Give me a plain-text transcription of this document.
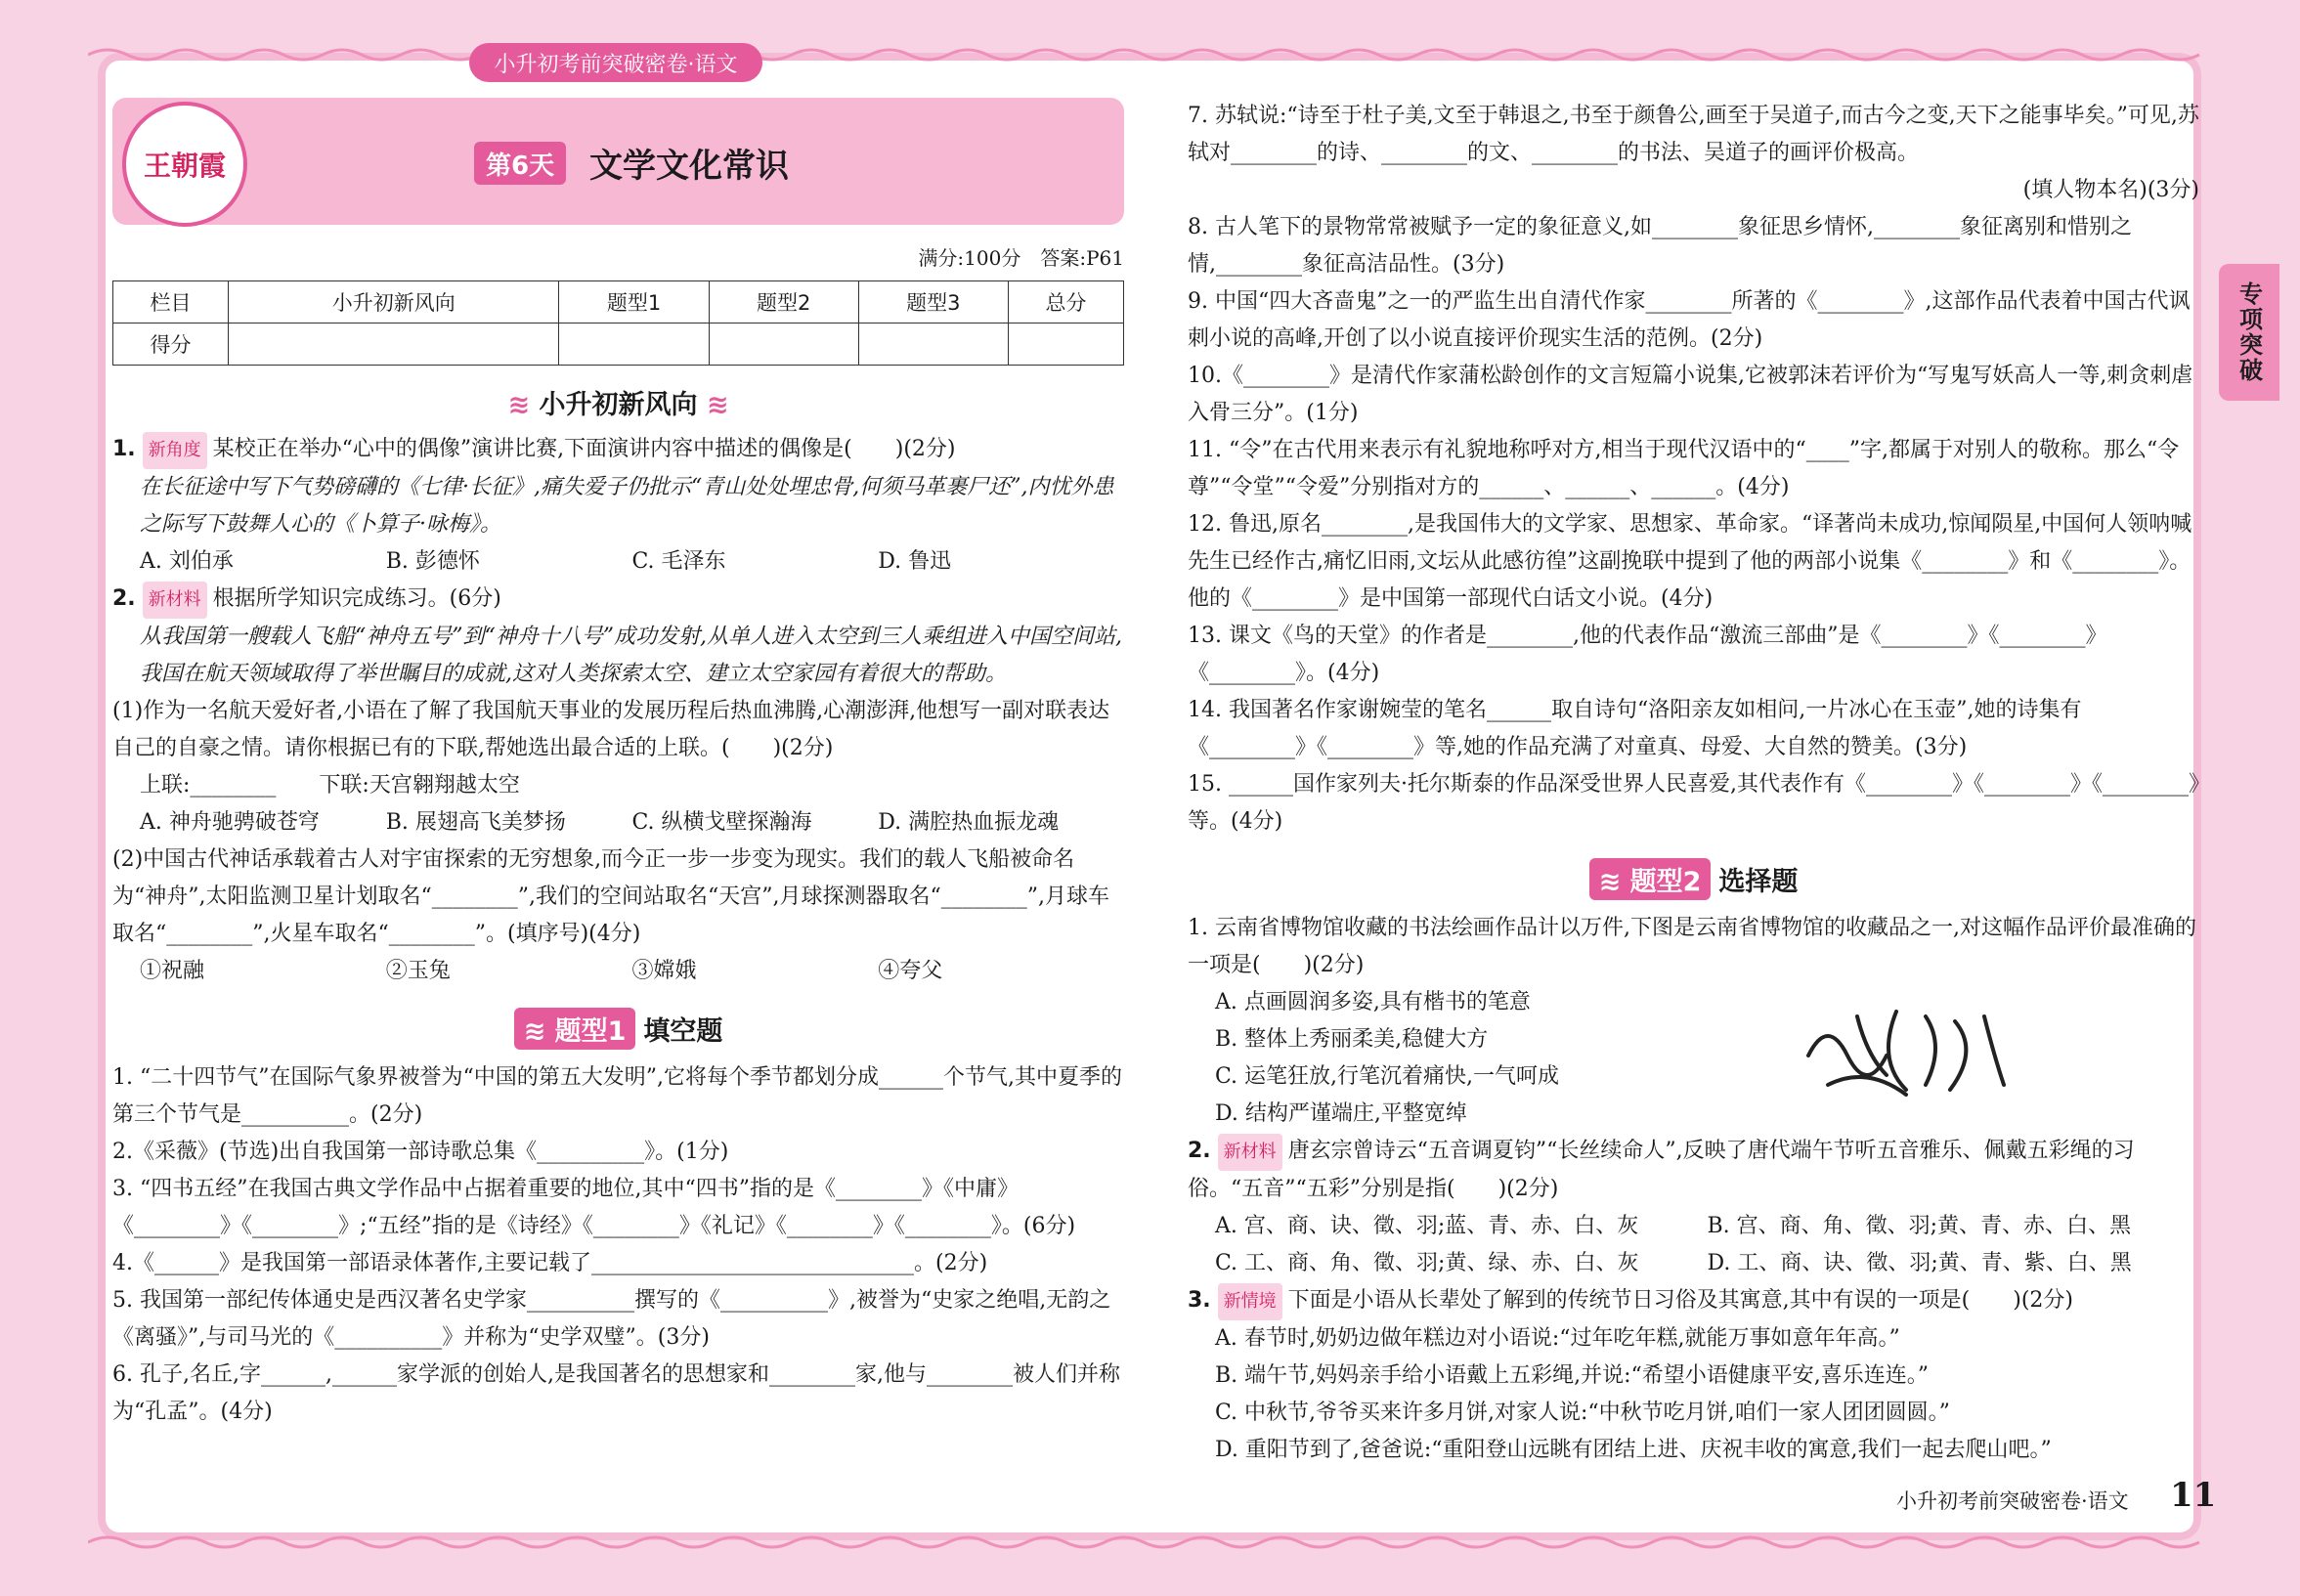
小升初考前突破密卷·语文
专项突破
王朝霞	第6天	文学文化常识
满分:100分　答案:P61
栏目	小升初新风向	题型1	题型2	题型3	总分
得分					
≋ 小升初新风向 ≋

1. 新角度 某校正在举办“心中的偶像”演讲比赛,下面演讲内容中描述的偶像是(　　)(2分)

在长征途中写下气势磅礴的《七律·长征》,痛失爱子仍批示“青山处处埋忠骨,何须马革裹尸还”,内忧外患之际写下鼓舞人心的《卜算子·咏梅》。

A. 刘伯承	B. 彭德怀	C. 毛泽东	D. 鲁迅

2. 新材料 根据所学知识完成练习。(6分)

从我国第一艘载人飞船“神舟五号”到“神舟十八号”成功发射,从单人进入太空到三人乘组进入中国空间站,我国在航天领域取得了举世瞩目的成就,这对人类探索太空、建立太空家园有着很大的帮助。

(1)作为一名航天爱好者,小语在了解了我国航天事业的发展历程后热血沸腾,心潮澎湃,他想写一副对联表达自己的自豪之情。请你根据已有的下联,帮她选出最合适的上联。(　　)(2分)

上联:________　　下联:天宫翱翔越太空

A. 神舟驰骋破苍穹	B. 展翅高飞美梦扬	C. 纵横戈壁探瀚海	D. 满腔热血振龙魂

(2)中国古代神话承载着古人对宇宙探索的无穷想象,而今正一步一步变为现实。我们的载人飞船被命名为“神舟”,太阳监测卫星计划取名“________”,我们的空间站取名“天宫”,月球探测器取名“________”,月球车取名“________”,火星车取名“________”。(填序号)(4分)

①祝融	②玉兔	③嫦娥	④夸父
≋ 题型1 填空题

1. “二十四节气”在国际气象界被誉为“中国的第五大发明”,它将每个季节都划分成______个节气,其中夏季的第三个节气是__________。(2分)

2.《采薇》(节选)出自我国第一部诗歌总集《__________》。(1分)

3. “四书五经”在我国古典文学作品中占据着重要的地位,其中“四书”指的是《________》《中庸》《________》《________》;“五经”指的是《诗经》《________》《礼记》《________》《________》。(6分)

4.《______》是我国第一部语录体著作,主要记载了______________________________。(2分)

5. 我国第一部纪传体通史是西汉著名史学家__________撰写的《__________》,被誉为“史家之绝唱,无韵之《离骚》”,与司马光的《__________》并称为“史学双璧”。(3分)

6. 孔子,名丘,字______,______家学派的创始人,是我国著名的思想家和________家,他与________被人们并称为“孔孟”。(4分)

7. 苏轼说:“诗至于杜子美,文至于韩退之,书至于颜鲁公,画至于吴道子,而古今之变,天下之能事毕矣。”可见,苏轼对________的诗、________的文、________的书法、吴道子的画评价极高。

(填人物本名)(3分)

8. 古人笔下的景物常常被赋予一定的象征意义,如________象征思乡情怀,________象征离别和惜别之情,________象征高洁品性。(3分)

9. 中国“四大吝啬鬼”之一的严监生出自清代作家________所著的《________》,这部作品代表着中国古代讽刺小说的高峰,开创了以小说直接评价现实生活的范例。(2分)

10.《________》是清代作家蒲松龄创作的文言短篇小说集,它被郭沫若评价为“写鬼写妖高人一等,刺贪刺虐入骨三分”。(1分)

11. “令”在古代用来表示有礼貌地称呼对方,相当于现代汉语中的“____”字,都属于对别人的敬称。那么“令尊”“令堂”“令爱”分别指对方的______、______、______。(4分)

12. 鲁迅,原名________,是我国伟大的文学家、思想家、革命家。“译著尚未成功,惊闻陨星,中国何人领呐喊　先生已经作古,痛忆旧雨,文坛从此感彷徨”这副挽联中提到了他的两部小说集《________》和《________》。他的《________》是中国第一部现代白话文小说。(4分)

13. 课文《鸟的天堂》的作者是________,他的代表作品“激流三部曲”是《________》《________》《________》。(4分)

14. 我国著名作家谢婉莹的笔名______取自诗句“洛阳亲友如相问,一片冰心在玉壶”,她的诗集有《________》《________》等,她的作品充满了对童真、母爱、大自然的赞美。(3分)

15. ______国作家列夫·托尔斯泰的作品深受世界人民喜爱,其代表作有《________》《________》《________》等。(4分)

≋ 题型2 选择题

1. 云南省博物馆收藏的书法绘画作品计以万件,下图是云南省博物馆的收藏品之一,对这幅作品评价最准确的一项是(　　)(2分)

A. 点画圆润多姿,具有楷书的笔意

B. 整体上秀丽柔美,稳健大方

C. 运笔狂放,行笔沉着痛快,一气呵成

D. 结构严谨端庄,平整宽绰

2. 新材料 唐玄宗曾诗云“五音调夏钧”“长丝续命人”,反映了唐代端午节听五音雅乐、佩戴五彩绳的习俗。“五音”“五彩”分别是指(　　)(2分)

A. 宫、商、诀、徵、羽;蓝、青、赤、白、灰	B. 宫、商、角、徵、羽;黄、青、赤、白、黑
C. 工、商、角、徵、羽;黄、绿、赤、白、灰	D. 工、商、诀、徵、羽;黄、青、紫、白、黑

3. 新情境 下面是小语从长辈处了解到的传统节日习俗及其寓意,其中有误的一项是(　　)(2分)

A. 春节时,奶奶边做年糕边对小语说:“过年吃年糕,就能万事如意年年高。”

B. 端午节,妈妈亲手给小语戴上五彩绳,并说:“希望小语健康平安,喜乐连连。”

C. 中秋节,爷爷买来许多月饼,对家人说:“中秋节吃月饼,咱们一家人团团圆圆。”

D. 重阳节到了,爸爸说:“重阳登山远眺有团结上进、庆祝丰收的寓意,我们一起去爬山吧。”

小升初考前突破密卷·语文 11
